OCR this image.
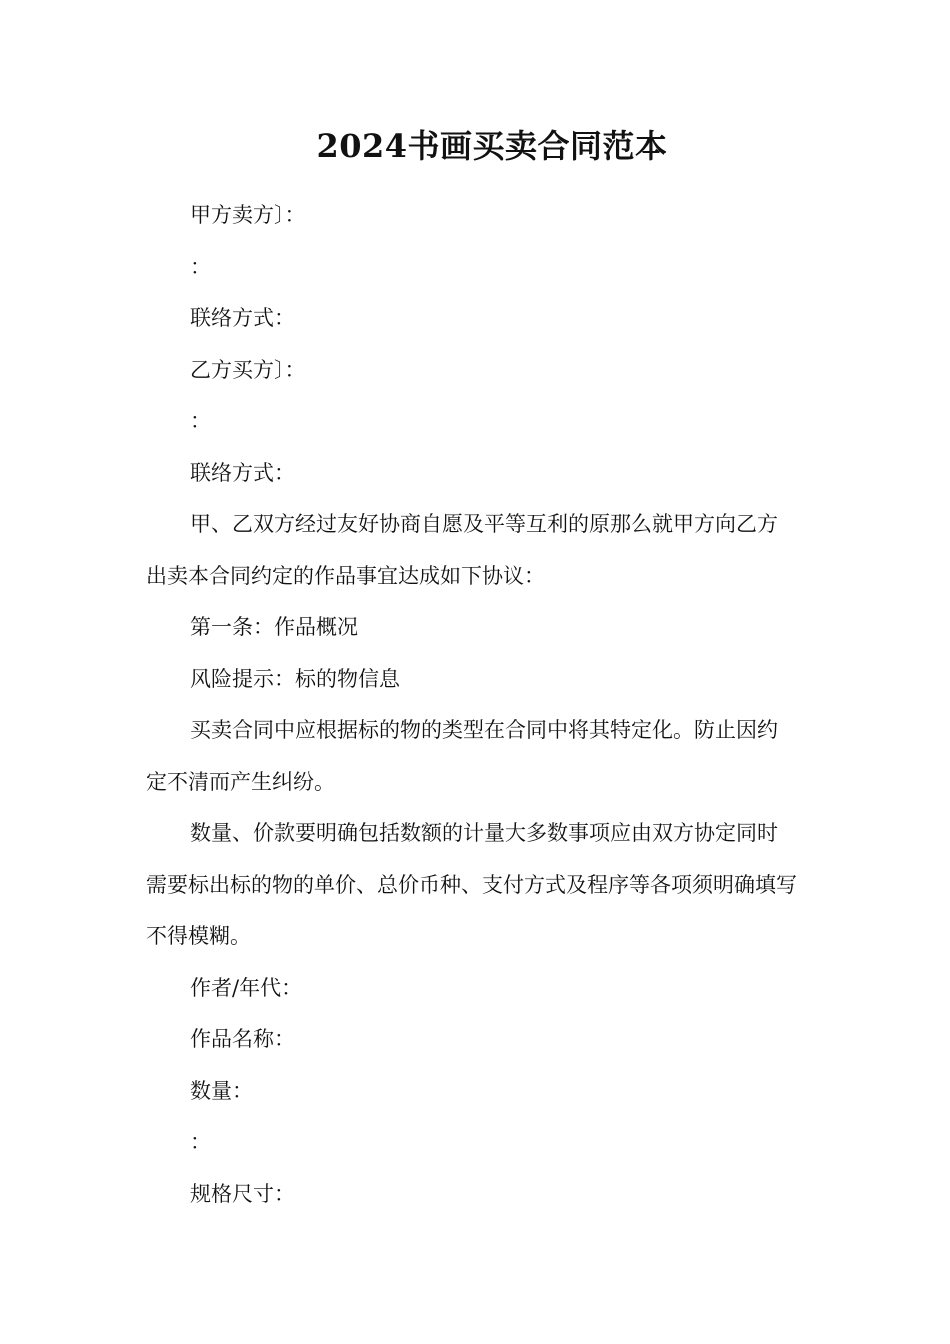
2024书画买卖合同范本

甲方卖方〕：

：

联络方式：

乙方买方〕：

：

联络方式：

甲、乙双方经过友好协商自愿及平等互利的原那么就甲方向乙方出卖本合同约定的作品事宜达成如下协议：

第一条：作品概况

风险提示：标的物信息

买卖合同中应根据标的物的类型在合同中将其特定化。防止因约定不清而产生纠纷。

数量、价款要明确包括数额的计量大多数事项应由双方协定同时需要标出标的物的单价、总价币种、支付方式及程序等各项须明确填写不得模糊。

作者/年代：

作品名称：

数量：

：

规格尺寸：
